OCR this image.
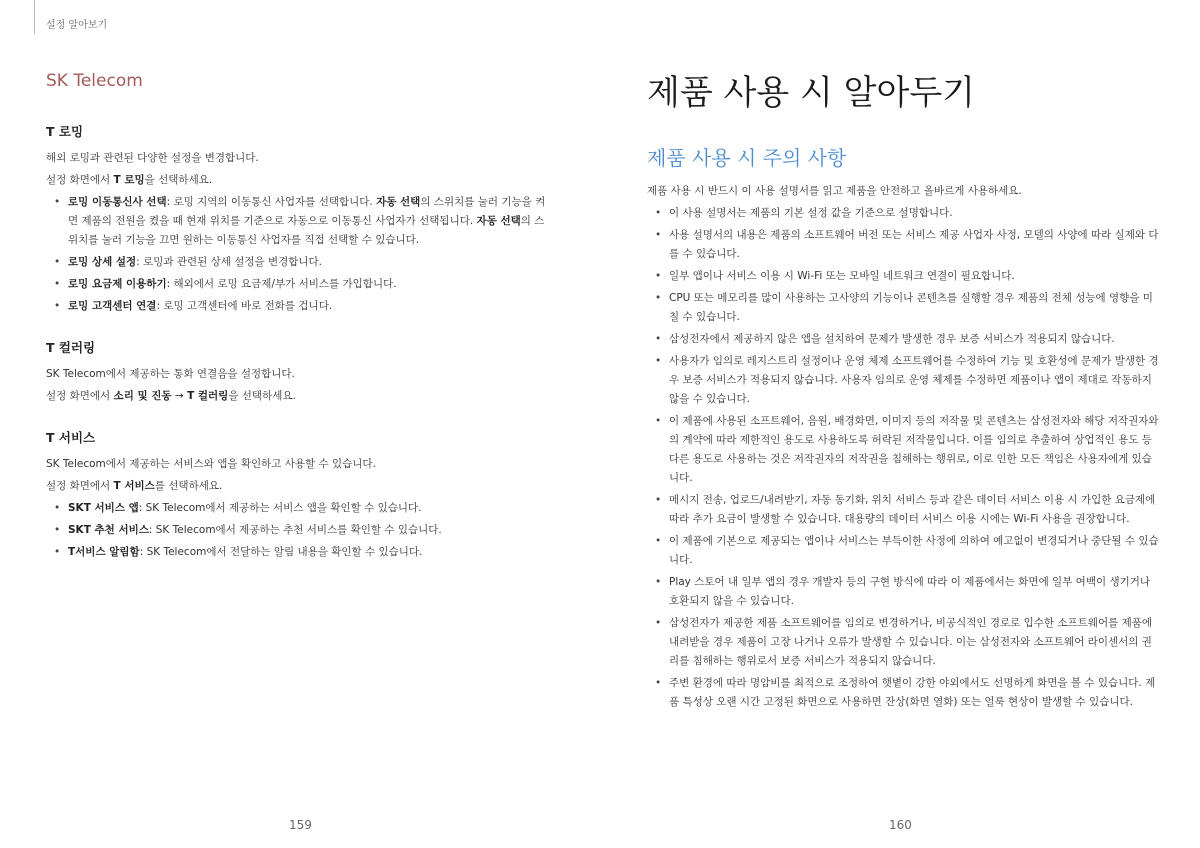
설정 알아보기
SK Telecom
T 로밍

해외 로밍과 관련된 다양한 설정을 변경합니다.

설정 화면에서 T 로밍을 선택하세요.

• 로밍 이동통신사 선택: 로밍 지역의 이동통신 사업자를 선택합니다. 자동 선택의 스위치를 눌러 기능을 켜면 제품의 전원을 켰을 때 현재 위치를 기준으로 자동으로 이동통신 사업자가 선택됩니다. 자동 선택의 스위치를 눌러 기능을 끄면 원하는 이동통신 사업자를 직접 선택할 수 있습니다.
• 로밍 상세 설정: 로밍과 관련된 상세 설정을 변경합니다.
• 로밍 요금제 이용하기: 해외에서 로밍 요금제/부가 서비스를 가입합니다.
• 로밍 고객센터 연결: 로밍 고객센터에 바로 전화를 겁니다.
T 컬러링

SK Telecom에서 제공하는 통화 연결음을 설정합니다.

설정 화면에서 소리 및 진동 → T 컬러링을 선택하세요.

T 서비스

SK Telecom에서 제공하는 서비스와 앱을 확인하고 사용할 수 있습니다.

설정 화면에서 T 서비스를 선택하세요.

• SKT 서비스 앱: SK Telecom에서 제공하는 서비스 앱을 확인할 수 있습니다.
• SKT 추천 서비스: SK Telecom에서 제공하는 추천 서비스를 확인할 수 있습니다.
• T서비스 알림함: SK Telecom에서 전달하는 알림 내용을 확인할 수 있습니다.
159
제품 사용 시 알아두기
제품 사용 시 주의 사항

제품 사용 시 반드시 이 사용 설명서를 읽고 제품을 안전하고 올바르게 사용하세요.

• 이 사용 설명서는 제품의 기본 설정 값을 기준으로 설명합니다.
• 사용 설명서의 내용은 제품의 소프트웨어 버전 또는 서비스 제공 사업자 사정, 모델의 사양에 따라 실제와 다를 수 있습니다.
• 일부 앱이나 서비스 이용 시 Wi-Fi 또는 모바일 네트워크 연결이 필요합니다.
• CPU 또는 메모리를 많이 사용하는 고사양의 기능이나 콘텐츠를 실행할 경우 제품의 전체 성능에 영향을 미칠 수 있습니다.
• 삼성전자에서 제공하지 않은 앱을 설치하여 문제가 발생한 경우 보증 서비스가 적용되지 않습니다.
• 사용자가 임의로 레지스트리 설정이나 운영 체제 소프트웨어를 수정하여 기능 및 호환성에 문제가 발생한 경우 보증 서비스가 적용되지 않습니다. 사용자 임의로 운영 체제를 수정하면 제품이나 앱이 제대로 작동하지 않을 수 있습니다.
• 이 제품에 사용된 소프트웨어, 음원, 배경화면, 이미지 등의 저작물 및 콘텐츠는 삼성전자와 해당 저작권자와의 계약에 따라 제한적인 용도로 사용하도록 허락된 저작물입니다. 이를 임의로 추출하여 상업적인 용도 등 다른 용도로 사용하는 것은 저작권자의 저작권을 침해하는 행위로, 이로 인한 모든 책임은 사용자에게 있습니다.
• 메시지 전송, 업로드/내려받기, 자동 동기화, 위치 서비스 등과 같은 데이터 서비스 이용 시 가입한 요금제에 따라 추가 요금이 발생할 수 있습니다. 대용량의 데이터 서비스 이용 시에는 Wi-Fi 사용을 권장합니다.
• 이 제품에 기본으로 제공되는 앱이나 서비스는 부득이한 사정에 의하여 예고없이 변경되거나 중단될 수 있습니다.
• Play 스토어 내 일부 앱의 경우 개발자 등의 구현 방식에 따라 이 제품에서는 화면에 일부 여백이 생기거나 호환되지 않을 수 있습니다.
• 삼성전자가 제공한 제품 소프트웨어를 임의로 변경하거나, 비공식적인 경로로 입수한 소프트웨어를 제품에 내려받을 경우 제품이 고장 나거나 오류가 발생할 수 있습니다. 이는 삼성전자와 소프트웨어 라이센서의 권리를 침해하는 행위로서 보증 서비스가 적용되지 않습니다.
• 주변 환경에 따라 명암비를 최적으로 조정하여 햇볕이 강한 야외에서도 선명하게 화면을 볼 수 있습니다. 제품 특성상 오랜 시간 고정된 화면으로 사용하면 잔상(화면 열화) 또는 얼룩 현상이 발생할 수 있습니다.
160
